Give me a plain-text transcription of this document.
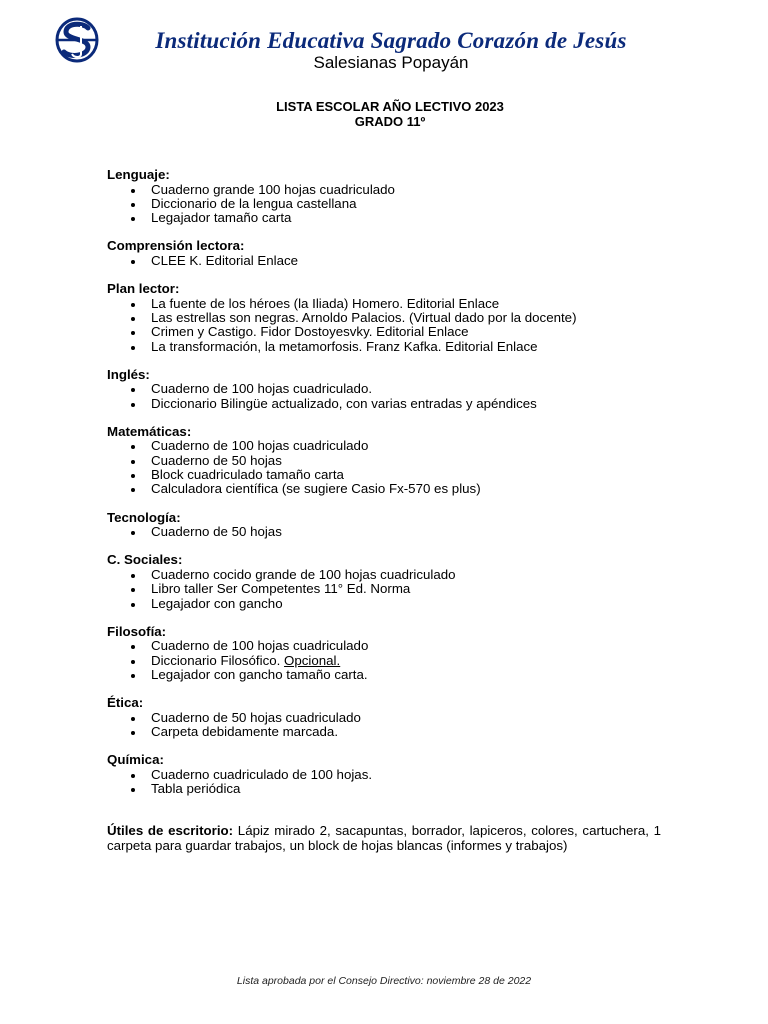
Institución Educativa Sagrado Corazón de Jesús
Salesianas Popayán
LISTA ESCOLAR AÑO LECTIVO 2023
GRADO 11º
Lenguaje:
Cuaderno grande 100 hojas cuadriculado
Diccionario de la lengua castellana
Legajador tamaño carta
Comprensión lectora:
CLEE K. Editorial Enlace
Plan lector:
La fuente de los héroes (la Iliada) Homero. Editorial Enlace
Las estrellas son negras. Arnoldo Palacios. (Virtual dado por la docente)
Crimen y Castigo. Fidor Dostoyesvky. Editorial Enlace
La transformación, la metamorfosis. Franz Kafka. Editorial Enlace
Inglés:
Cuaderno de 100 hojas cuadriculado.
Diccionario Bilingüe actualizado, con varias entradas y apéndices
Matemáticas:
Cuaderno de 100 hojas cuadriculado
Cuaderno de 50 hojas
Block cuadriculado tamaño carta
Calculadora científica (se sugiere Casio Fx-570 es plus)
Tecnología:
Cuaderno de 50 hojas
C. Sociales:
Cuaderno cocido grande de 100 hojas cuadriculado
Libro taller Ser Competentes 11° Ed. Norma
Legajador con gancho
Filosofía:
Cuaderno de 100 hojas cuadriculado
Diccionario Filosófico. Opcional.
Legajador con gancho tamaño carta.
Ética:
Cuaderno de 50 hojas cuadriculado
Carpeta debidamente marcada.
Química:
Cuaderno cuadriculado de 100 hojas.
Tabla periódica
Útiles de escritorio: Lápiz mirado 2, sacapuntas, borrador, lapiceros, colores, cartuchera, 1 carpeta para guardar trabajos, un block de hojas blancas (informes y trabajos)
Lista aprobada por el Consejo Directivo: noviembre 28 de 2022
